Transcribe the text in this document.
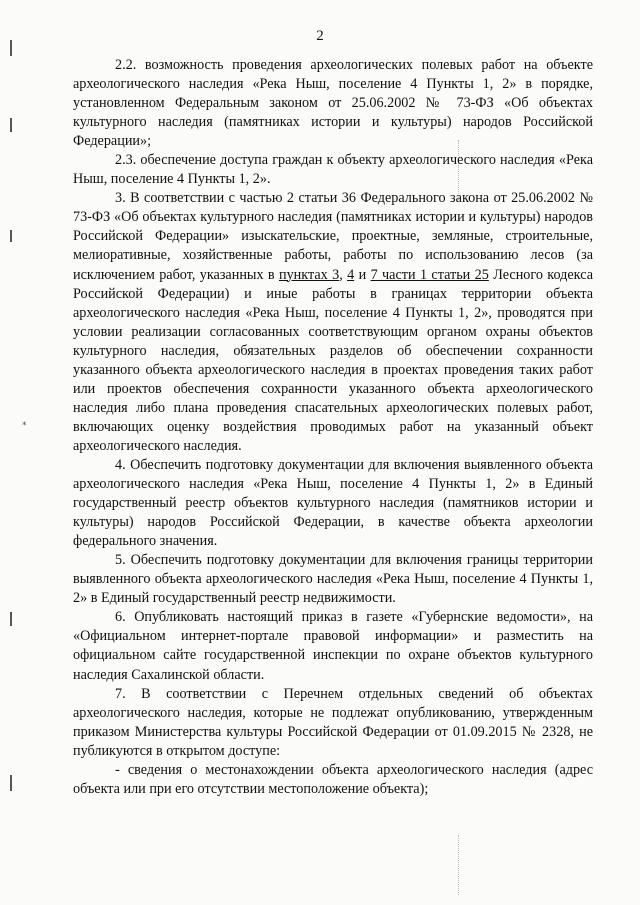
⁎
2

2.2. возможность проведения археологических полевых работ на объекте археологического наследия «Река Ныш, поселение 4 Пункты 1, 2» в порядке, установленном Федеральным законом от 25.06.2002 № 73-ФЗ «Об объектах культурного наследия (памятниках истории и культуры) народов Российской Федерации»;

2.3. обеспечение доступа граждан к объекту археологического наследия «Река Ныш, поселение 4 Пункты 1, 2».

3. В соответствии с частью 2 статьи 36 Федерального закона от 25.06.2002 № 73-ФЗ «Об объектах культурного наследия (памятниках истории и культуры) народов Российской Федерации» изыскательские, проектные, земляные, строительные, мелиоративные, хозяйственные работы, работы по использованию лесов (за исключением работ, указанных в пунктах 3, 4 и 7 части 1 статьи 25 Лесного кодекса Российской Федерации) и иные работы в границах территории объекта археологического наследия «Река Ныш, поселение 4 Пункты 1, 2», проводятся при условии реализации согласованных соответствующим органом охраны объектов культурного наследия, обязательных разделов об обеспечении сохранности указанного объекта археологического наследия в проектах проведения таких работ или проектов обеспечения сохранности указанного объекта археологического наследия либо плана проведения спасательных археологических полевых работ, включающих оценку воздействия проводимых работ на указанный объект археологического наследия.

4. Обеспечить подготовку документации для включения выявленного объекта археологического наследия «Река Ныш, поселение 4 Пункты 1, 2» в Единый государственный реестр объектов культурного наследия (памятников истории и культуры) народов Российской Федерации, в качестве объекта археологии федерального значения.

5. Обеспечить подготовку документации для включения границы территории выявленного объекта археологического наследия «Река Ныш, поселение 4 Пункты 1, 2» в Единый государственный реестр недвижимости.

6. Опубликовать настоящий приказ в газете «Губернские ведомости», на «Официальном интернет-портале правовой информации» и разместить на официальном сайте государственной инспекции по охране объектов культурного наследия Сахалинской области.

7. В соответствии с Перечнем отдельных сведений об объектах археологического наследия, которые не подлежат опубликованию, утвержденным приказом Министерства культуры Российской Федерации от 01.09.2015 № 2328, не публикуются в открытом доступе:

- сведения о местонахождении объекта археологического наследия (адрес объекта или при его отсутствии местоположение объекта);
